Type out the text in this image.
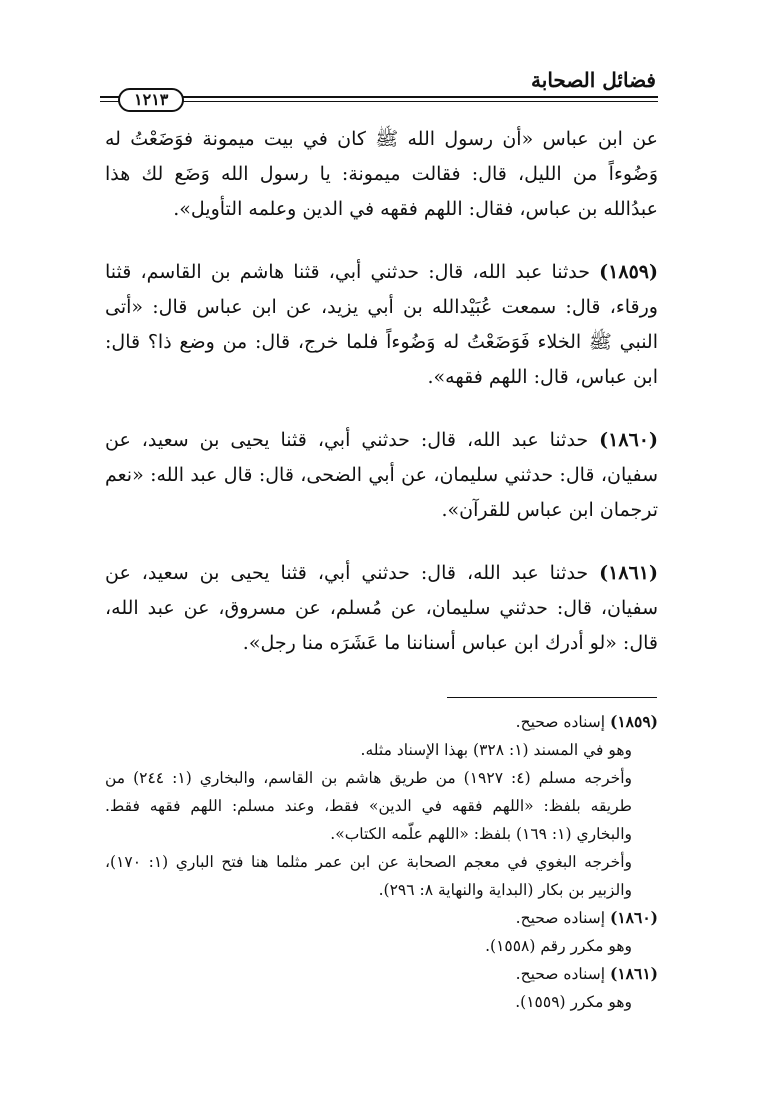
فضائل الصحابة
١٢١٣

عن ابن عباس «أن رسول الله ﷺ كان في بيت ميمونة فوَضَعْتُ له وَضُوءاً من الليل، قال: فقالت ميمونة: يا رسول الله وَضَع لك هذا عبدُالله بن عباس، فقال: اللهم فقهه في الدين وعلمه التأويل».

(١٨٥٩) حدثنا عبد الله، قال: حدثني أبي، قثنا هاشم بن القاسم، قثنا ورقاء، قال: سمعت عُبَيْدالله بن أبي يزيد، عن ابن عباس قال: «أتى النبي ﷺ الخلاء فَوَضَعْتُ له وَضُوءاً فلما خرج، قال: من وضع ذا؟ قال: ابن عباس، قال: اللهم فقهه».

(١٨٦٠) حدثنا عبد الله، قال: حدثني أبي، قثنا يحيى بن سعيد، عن سفيان، قال: حدثني سليمان، عن أبي الضحى، قال: قال عبد الله: «نعم ترجمان ابن عباس للقرآن».

(١٨٦١) حدثنا عبد الله، قال: حدثني أبي، قثنا يحيى بن سعيد، عن سفيان، قال: حدثني سليمان، عن مُسلم، عن مسروق، عن عبد الله، قال: «لو أدرك ابن عباس أسناننا ما عَشَرَه منا رجل».

(١٨٥٩) إسناده صحيح.

وهو في المسند (١: ٣٢٨) بهذا الإسناد مثله.

وأخرجه مسلم (٤: ١٩٢٧) من طريق هاشم بن القاسم، والبخاري (١: ٢٤٤) من طريقه بلفظ: «اللهم فقهه في الدين» فقط، وعند مسلم: اللهم فقهه فقط. والبخاري (١: ١٦٩) بلفظ: «اللهم علّمه الكتاب».

وأخرجه البغوي في معجم الصحابة عن ابن عمر مثلما هنا فتح الباري (١: ١٧٠)، والزبير بن بكار (البداية والنهاية ٨: ٢٩٦).

(١٨٦٠) إسناده صحيح.

وهو مكرر رقم (١٥٥٨).

(١٨٦١) إسناده صحيح.

وهو مكرر (١٥٥٩).
